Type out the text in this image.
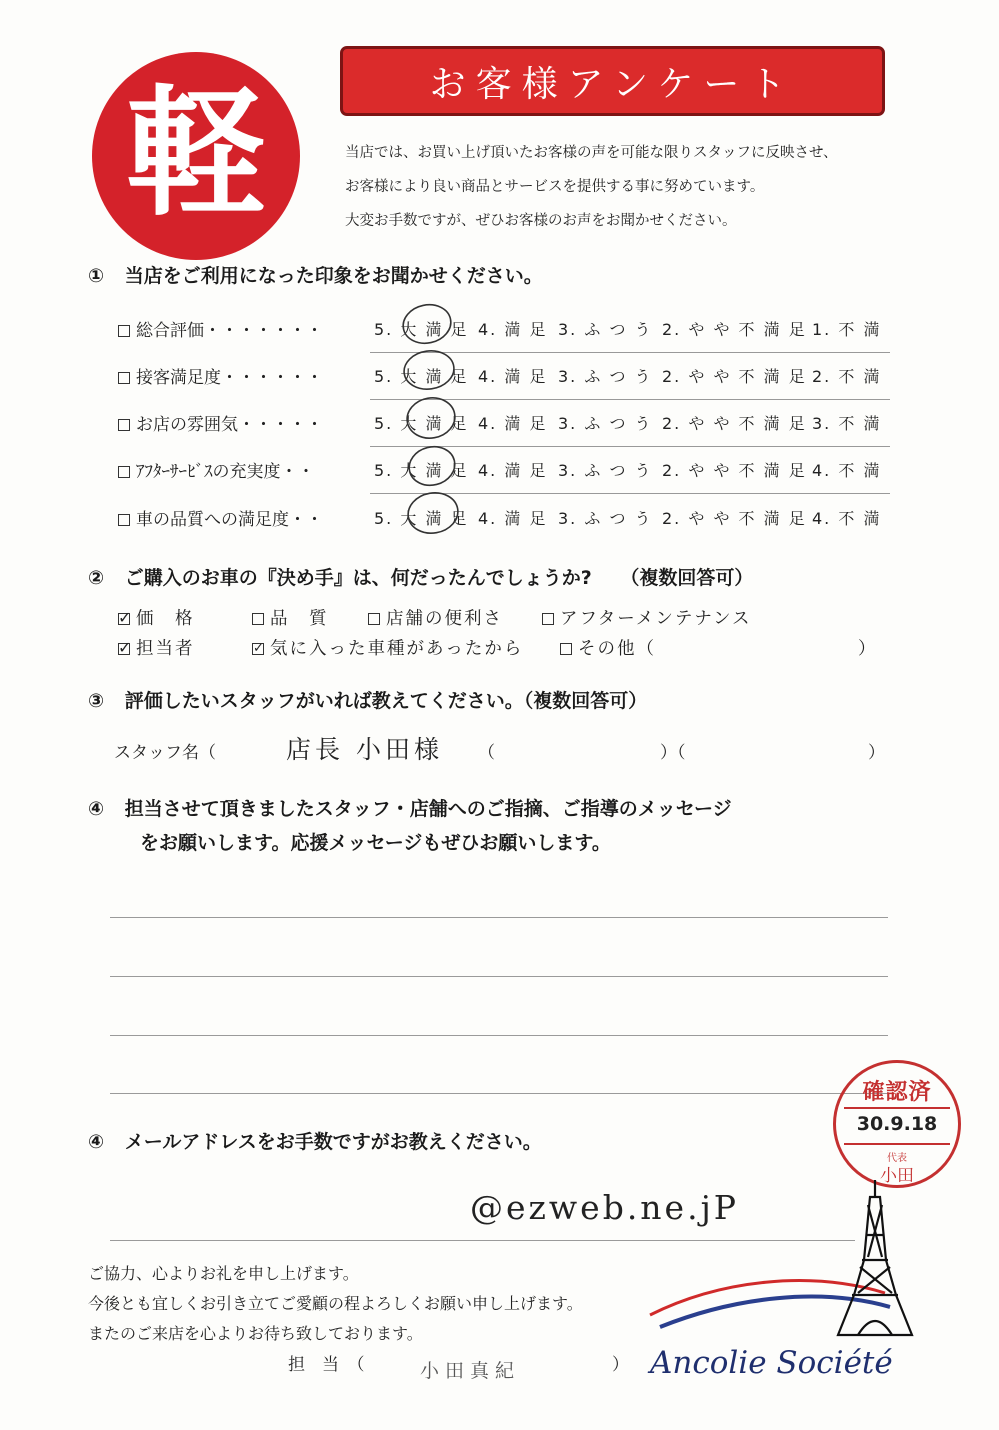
軽	お客様アンケート
当店では、お買い上げ頂いたお客様の声を可能な限りスタッフに反映させ、
お客様により良い商品とサービスを提供する事に努めています。
大変お手数ですが、ぜひお客様のお声をお聞かせください。
① 当店をご利用になった印象をお聞かせください。
総合評価・・・・・・・	5. 大 満 足 4. 満 足 3. ふ つ う 2. や や 不 満 足 1. 不 満
接客満足度・・・・・・	5. 大 満 足 4. 満 足 3. ふ つ う 2. や や 不 満 足 2. 不 満
お店の雰囲気・・・・・	5. 大 満 足 4. 満 足 3. ふ つ う 2. や や 不 満 足 3. 不 満
ｱﾌﾀｰｻｰﾋﾞｽの充実度・・	5. 大 満 足 4. 満 足 3. ふ つ う 2. や や 不 満 足 4. 不 満
車の品質への満足度・・	5. 大 満 足 4. 満 足 3. ふ つ う 2. や や 不 満 足 4. 不 満
② ご購入のお車の『決め手』は、何だったんでしょうか? （複数回答可）
✓ 価　格	品　質	店舗の便利さ	アフターメンテナンス
✓ 担当者	✓ 気に入った車種があったから	その他（	）
③ 評価したいスタッフがいれば教えてください。（複数回答可）
スタッフ名（	店長 小田様 （	）（	）
④ 担当させて頂きましたスタッフ・店舗へのご指摘、ご指導のメッセージ
をお願いします。応援メッセージもぜひお願いします。
④ メールアドレスをお手数ですがお教えください。
@ezweb.ne.jP
確認済
30.9.18
代表
小田
ご協力、心よりお礼を申し上げます。
今後とも宜しくお引き立てご愛顧の程よろしくお願い申し上げます。
またのご来店を心よりお待ち致しております。
担　当　（	小田真紀	） Ancolie Société
